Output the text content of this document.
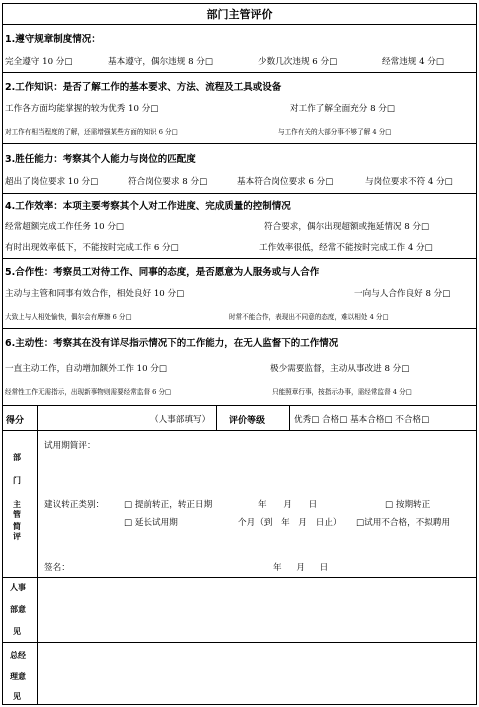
部门主管评价
1.遵守规章制度情况：
完全遵守 10 分□	基本遵守，偶尔违规 8 分□	少数几次违规 6 分□	经常违规 4 分□
2.工作知识：是否了解工作的基本要求、方法、流程及工具或设备
工作各方面均能掌握的较为优秀 10 分□	对工作了解全面充分 8 分□
对工作有相当程度的了解，还需增强某些方面的知识 6 分□	与工作有关的大部分事不够了解 4 分□
3.胜任能力：考察其个人能力与岗位的匹配度
超出了岗位要求 10 分□	符合岗位要求 8 分□	基本符合岗位要求 6 分□	与岗位要求不符 4 分□
4.工作效率：本项主要考察其个人对工作进度、完成质量的控制情况
经常超额完成工作任务 10 分□	符合要求，偶尔出现超额或拖延情况 8 分□
有时出现效率低下，不能按时完成工作 6 分□	工作效率很低，经常不能按时完成工作 4 分□
5.合作性：考察员工对待工作、同事的态度，是否愿意为人服务或与人合作
主动与主管和同事有效合作，相处良好 10 分□	一向与人合作良好 8 分□
大致上与人相处愉快，偶尔会有摩擦 6 分□	时常不能合作，表现出不同意的态度，难以相处 4 分□
6.主动性：考察其在没有详尽指示情况下的工作能力，在无人监督下的工作情况
一直主动工作，自动增加额外工作 10 分□	极少需要监督，主动从事改进 8 分□
经常性工作无需指示，出现新事物则需要经常监督 6 分□	只能照章行事，按指示办事，需经常监督 4 分□
得分	（人事部填写） 评价等级	优秀□ 合格□ 基本合格□ 不合格□
部
门
主
管
简
评
试用期简评：
建议转正类别： □ 提前转正，转正日期	年 月 日	□ 按期转正
□ 延长试用期	个月（到 年 月 日止） □试用不合格，不拟聘用
签名：	年 月 日
人事
部意
见
总经
理意
见
